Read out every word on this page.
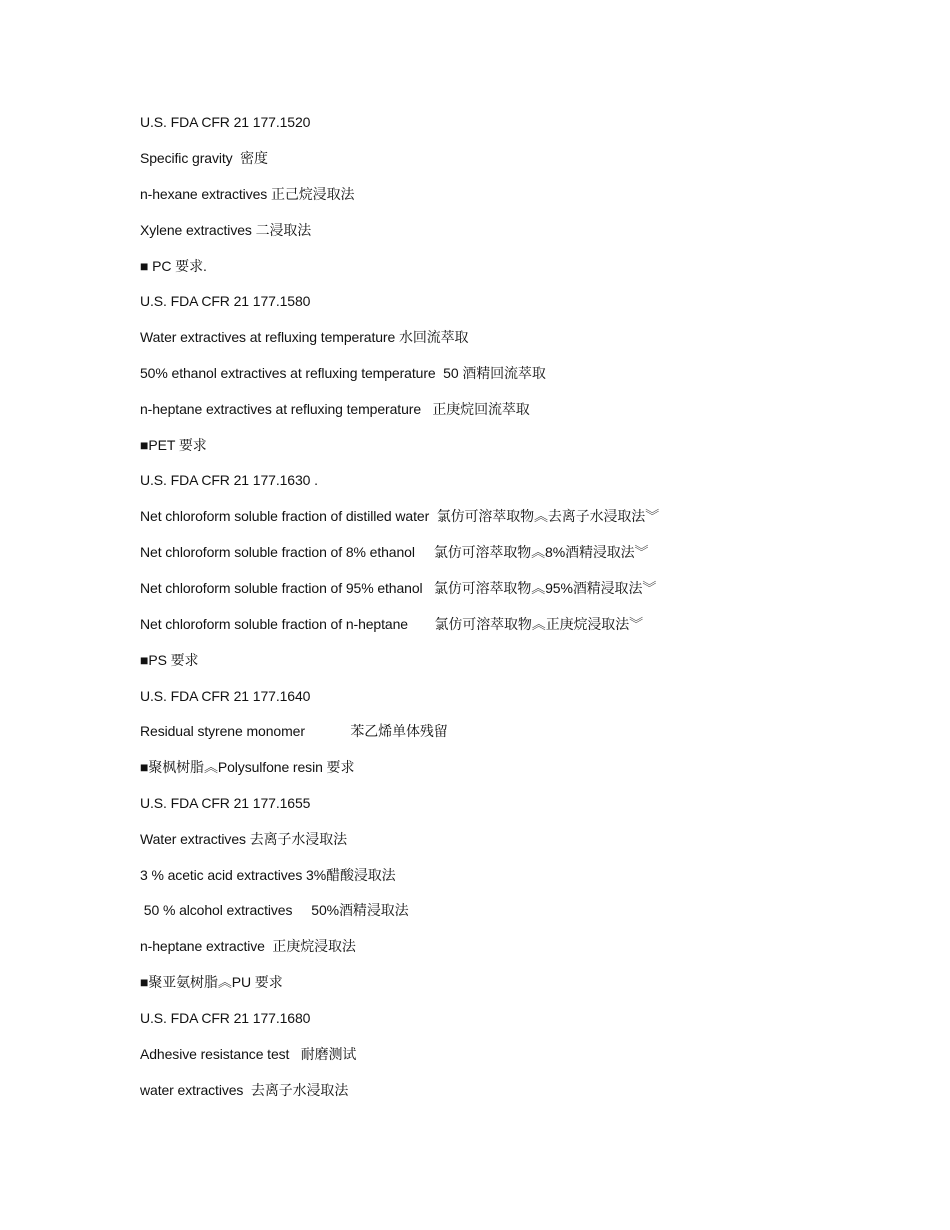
U.S. FDA CFR 21 177.1520
Specific gravity  密度
n-hexane extractives 正己烷浸取法
Xylene extractives 二浸取法
■ PC 要求.
U.S. FDA CFR 21 177.1580
Water extractives at refluxing temperature 水回流萃取
50% ethanol extractives at refluxing temperature  50 酒精回流萃取
n-heptane extractives at refluxing temperature   正庚烷回流萃取
■PET 要求
U.S. FDA CFR 21 177.1630 .
Net chloroform soluble fraction of distilled water  氯仿可溶萃取物︽去离子水浸取法︾
Net chloroform soluble fraction of 8% ethanol     氯仿可溶萃取物︽8%酒精浸取法︾
Net chloroform soluble fraction of 95% ethanol   氯仿可溶萃取物︽95%酒精浸取法︾
Net chloroform soluble fraction of n-heptane       氯仿可溶萃取物︽正庚烷浸取法︾
■PS 要求
U.S. FDA CFR 21 177.1640
Residual styrene monomer            苯乙烯单体残留
■聚枫树脂︽Polysulfone resin 要求
U.S. FDA CFR 21 177.1655
Water extractives 去离子水浸取法
3 % acetic acid extractives 3%醋酸浸取法
50 % alcohol extractives     50%酒精浸取法
n-heptane extractive  正庚烷浸取法
■聚亚氨树脂︽PU 要求
U.S. FDA CFR 21 177.1680
Adhesive resistance test   耐磨测试
water extractives  去离子水浸取法
